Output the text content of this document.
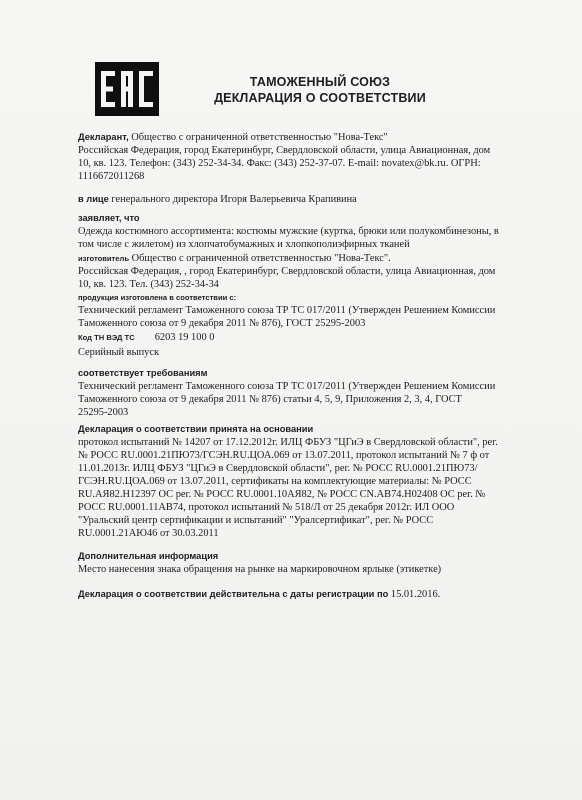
ТАМОЖЕННЫЙ СОЮЗ
ДЕКЛАРАЦИЯ О СООТВЕТСТВИИ
Декларант, Общество с ограниченной ответственностью "Нова-Текс"
Российская Федерация, город Екатеринбург, Свердловской области, улица Авиационная, дом
10, кв. 123. Телефон: (343) 252-34-34. Факс: (343) 252-37-07. E-mail: novatex@bk.ru. ОГРН:
1116672011268
в лице генерального директора Игоря Валерьевича Крапивина
заявляет, что
Одежда костюмного ассортимента: костюмы мужские (куртка, брюки или полукомбинезоны, в
том числе с жилетом) из хлопчатобумажных и хлопкополиэфирных тканей
изготовитель Общество с ограниченной ответственностью "Нова-Текс".
Российская Федерация, , город Екатеринбург, Свердловской области, улица Авиационная, дом
10, кв. 123. Тел. (343) 252-34-34
продукция изготовлена в соответствии с:
Технический регламент Таможенного союза ТР ТС 017/2011 (Утвержден Решением Комиссии
Таможенного союза от 9 декабря 2011 № 876), ГОСТ 25295-2003
Код ТН ВЭД ТС 6203 19 100 0
Серийный выпуск
соответствует требованиям
Технический регламент Таможенного союза ТР ТС 017/2011 (Утвержден Решением Комиссии
Таможенного союза от 9 декабря 2011 № 876) статьи 4, 5, 9, Приложения 2, 3, 4, ГОСТ
25295-2003
Декларация о соответствии принята на основании
протокол испытаний № 14207 от 17.12.2012г. ИЛЦ ФБУЗ "ЦГиЭ в Свердловской области", рег.
№ РОСС RU.0001.21ПЮ73/ГСЭН.RU.ЦОА.069 от 13.07.2011, протокол испытаний № 7 ф от
11.01.2013г. ИЛЦ ФБУЗ "ЦГиЭ в Свердловской области", рег. № РОСС RU.0001.21ПЮ73/
ГСЭН.RU.ЦОА.069 от 13.07.2011, сертификаты на комплектующие материалы: № РОСС
RU.АЯ82.Н12397 ОС рег. № РОСС RU.0001.10АЯ82, № РОСС CN.АВ74.Н02408 ОС рег. №
РОСС RU.0001.11АВ74, протокол испытаний № 518/Л от 25 декабря 2012г. ИЛ ООО
"Уральский центр сертификации и испытаний" "Уралсертификат", рег. № РОСС
RU.0001.21АЮ46 от 30.03.2011
Дополнительная информация
Место нанесения знака обращения на рынке на маркировочном ярлыке (этикетке)
Декларация о соответствии действительна с даты регистрации по 15.01.2016.
